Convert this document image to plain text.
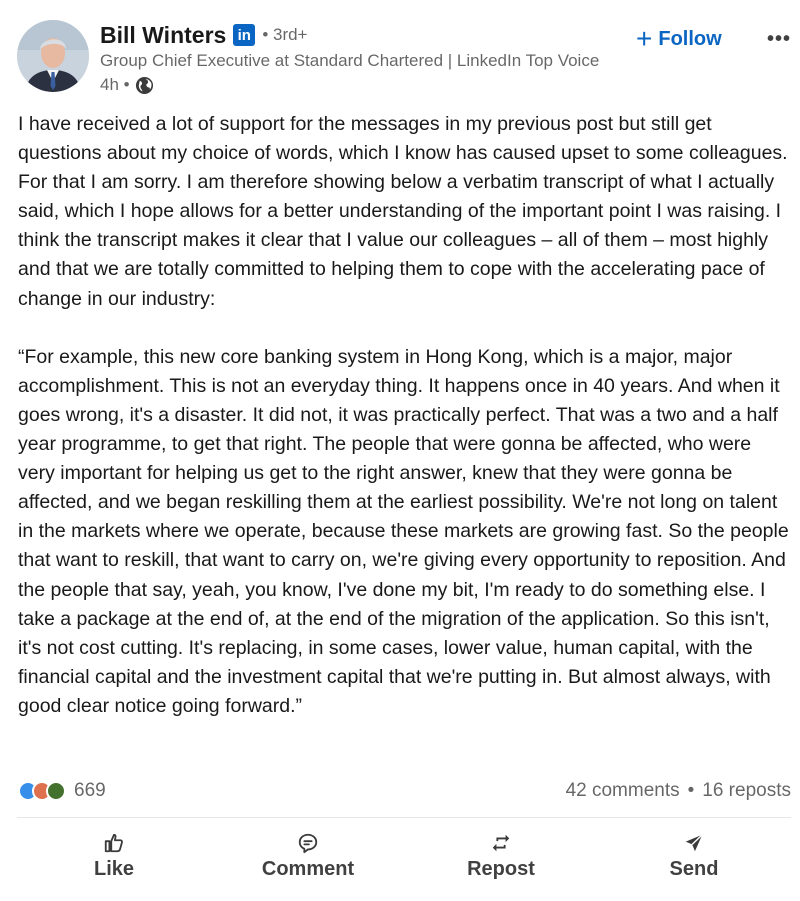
Bill Winters in • 3rd+
Group Chief Executive at Standard Chartered | LinkedIn Top Voice
4h •
+ Follow •••

I have received a lot of support for the messages in my previous post but still get questions about my choice of words, which I know has caused upset to some colleagues. For that I am sorry. I am therefore showing below a verbatim transcript of what I actually said, which I hope allows for a better understanding of the important point I was raising. I think the transcript makes it clear that I value our colleagues – all of them – most highly and that we are totally committed to helping them to cope with the accelerating pace of change in our industry:

“For example, this new core banking system in Hong Kong, which is a major, major accomplishment. This is not an everyday thing. It happens once in 40 years. And when it goes wrong, it's a disaster. It did not, it was practically perfect. That was a two and a half year programme, to get that right. The people that were gonna be affected, who were very important for helping us get to the right answer, knew that they were gonna be affected, and we began reskilling them at the earliest possibility. We're not long on talent in the markets where we operate, because these markets are growing fast. So the people that want to reskill, that want to carry on, we're giving every opportunity to reposition. And the people that say, yeah, you know, I've done my bit, I'm ready to do something else. I take a package at the end of, at the end of the migration of the application. So this isn't, it's not cost cutting. It's replacing, in some cases, lower value, human capital, with the financial capital and the investment capital that we're putting in. But almost always, with good clear notice going forward.”

669	42 comments • 16 reposts
Like	Comment	Repost	Send
